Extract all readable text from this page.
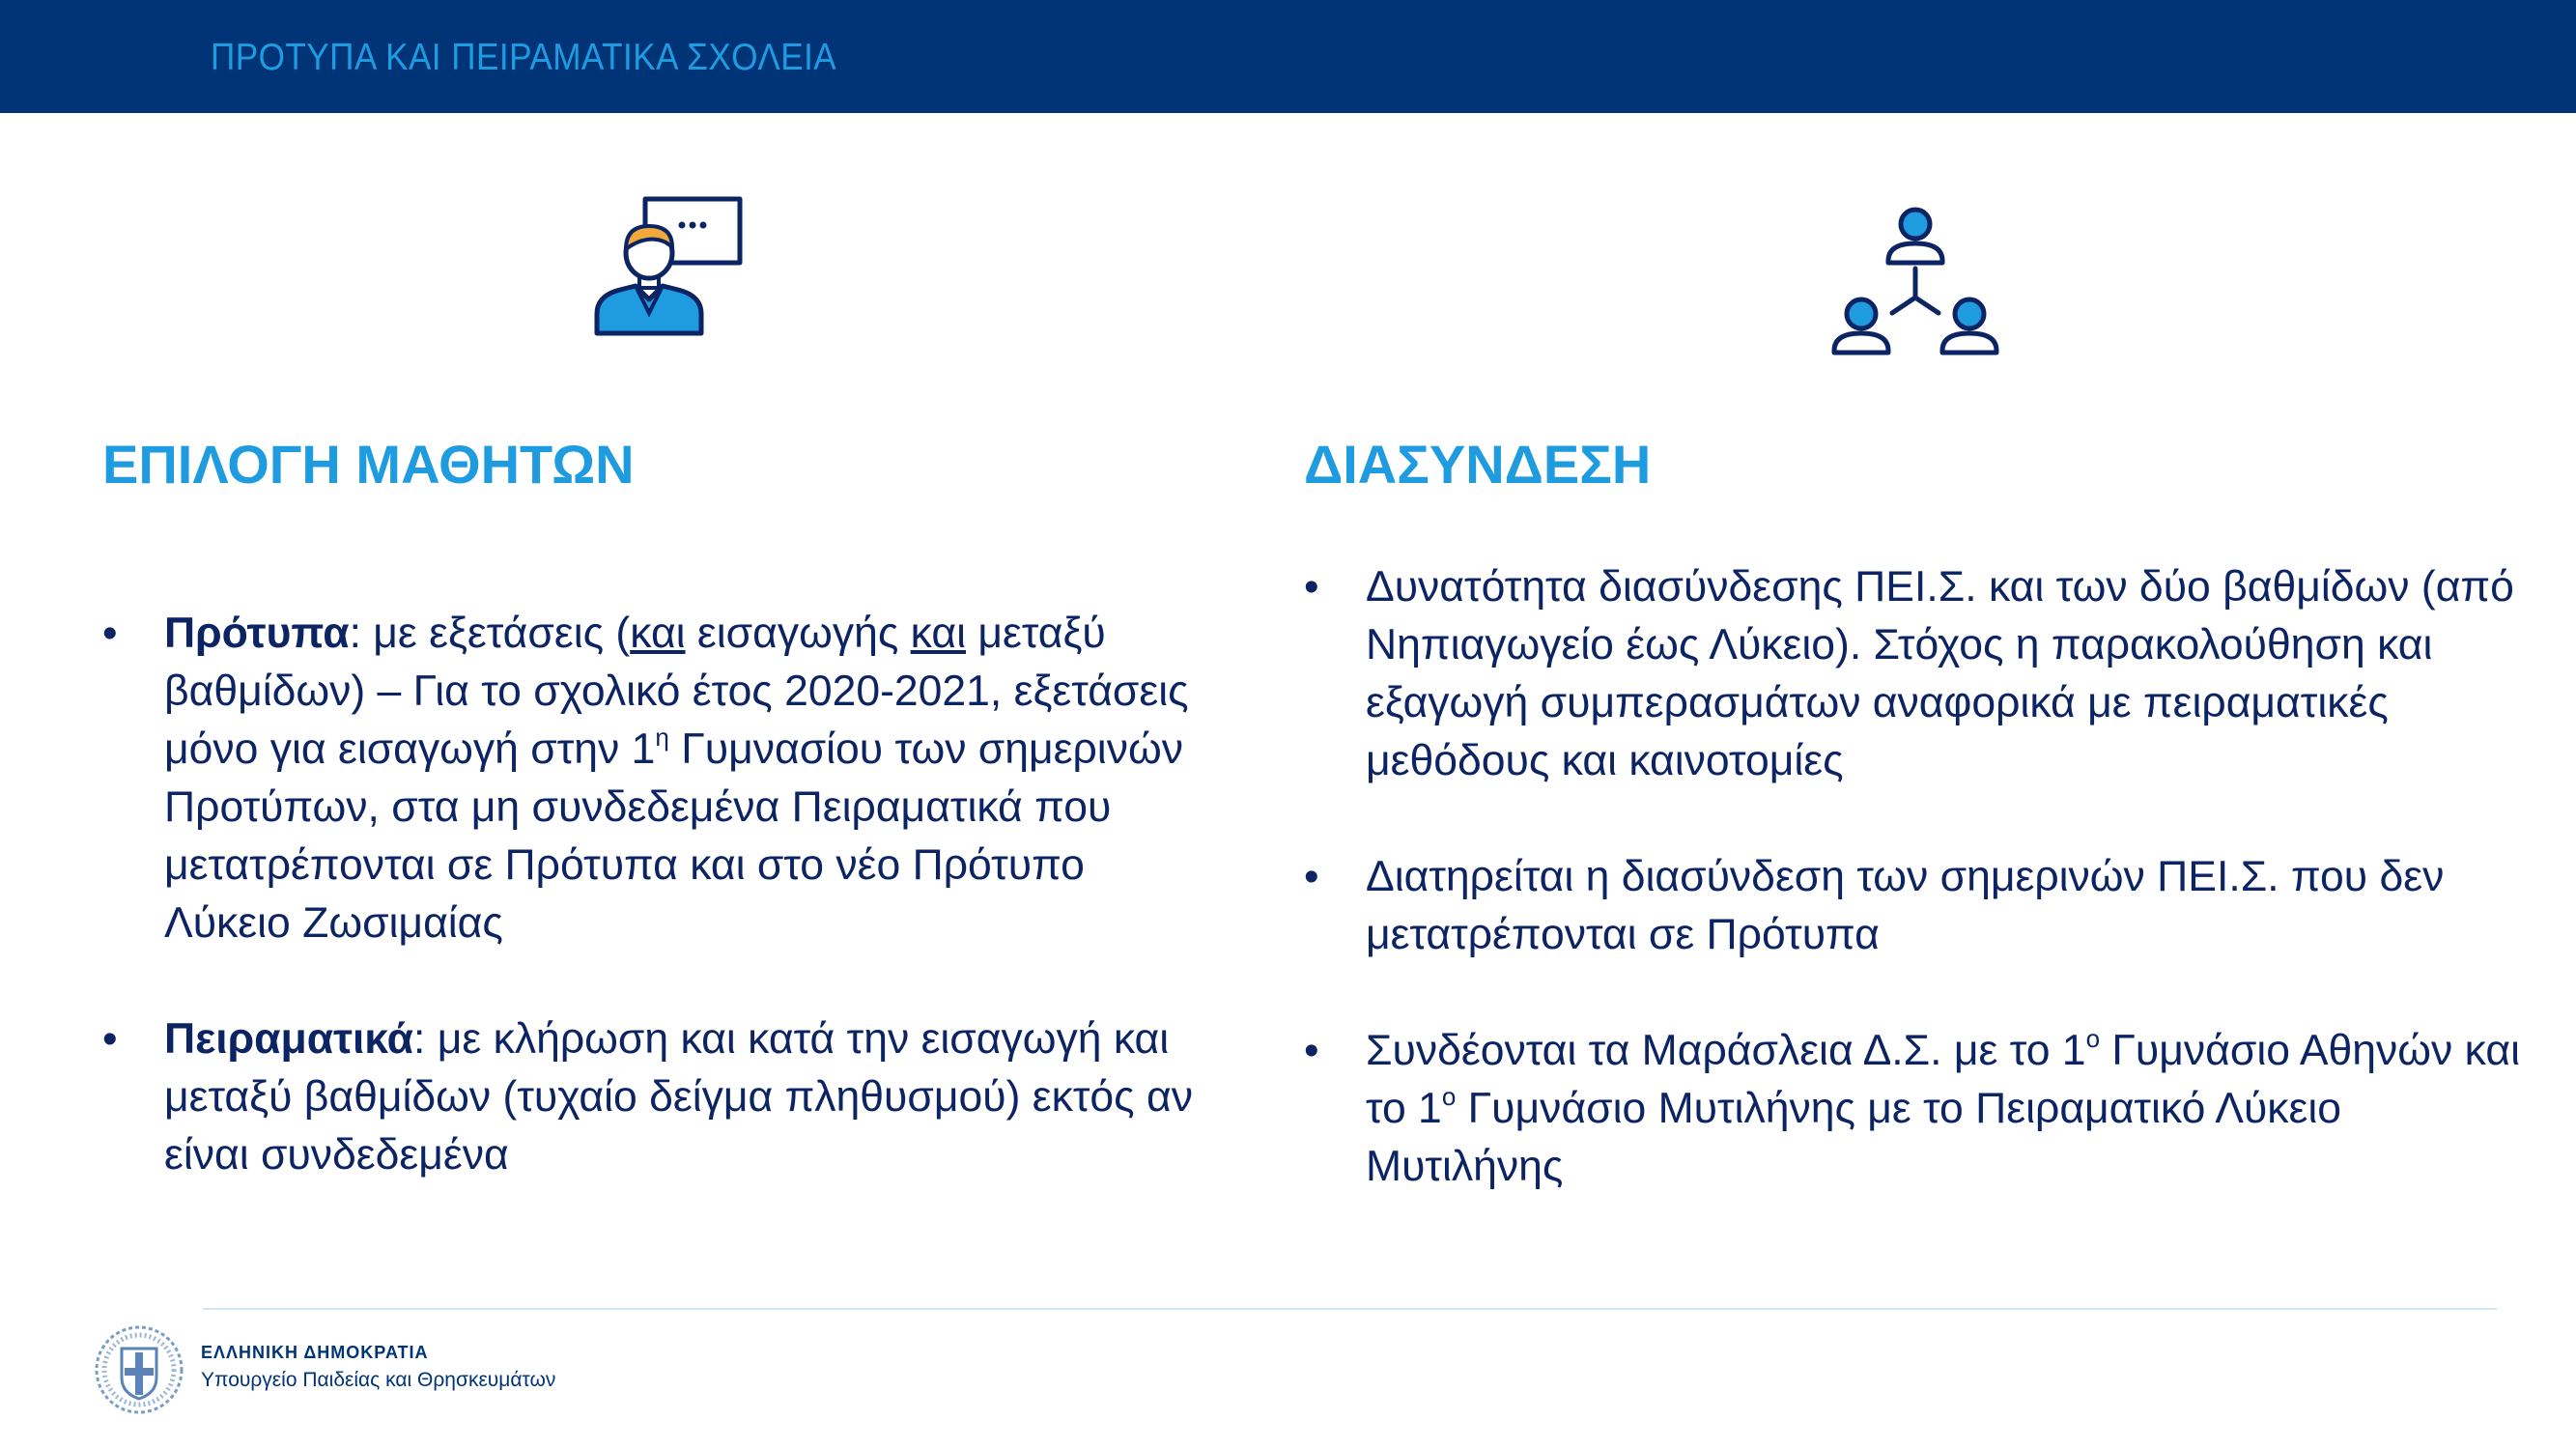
ΠΡΟΤΥΠΑ ΚΑΙ ΠΕΙΡΑΜΑΤΙΚΑ ΣΧΟΛΕΙΑ
ΕΠΙΛΟΓΗ ΜΑΘΗΤΩΝ	ΔΙΑΣΥΝΔΕΣΗ
• Πρότυπα: με εξετάσεις (και εισαγωγής και μεταξύ βαθμίδων) – Για το σχολικό έτος 2020-2021, εξετάσεις μόνο για εισαγωγή στην $1^\eta$ Γυμνασίου των σημερινών Προτύπων, στα μη συνδεδεμένα Πειραματικά που μετατρέπονται σε Πρότυπα και στο νέο Πρότυπο Λύκειο Ζωσιμαίας
• Πειραματικά: με κλήρωση και κατά την εισαγωγή και μεταξύ βαθμίδων (τυχαίο δείγμα πληθυσμού) εκτός αν είναι συνδεδεμένα
• Δυνατότητα διασύνδεσης ΠΕΙ.Σ. και των δύο βαθμίδων (από Νηπιαγωγείο έως Λύκειο). Στόχος η παρακολούθηση και εξαγωγή συμπερασμάτων αναφορικά με πειραματικές μεθόδους και καινοτομίες
• Διατηρείται η διασύνδεση των σημερινών ΠΕΙ.Σ. που δεν μετατρέπονται σε Πρότυπα
• Συνδέονται τα Μαράσλεια Δ.Σ. με το $1^o$ Γυμνάσιο Αθηνών και το $1^o$ Γυμνάσιο Μυτιλήνης με το Πειραματικό Λύκειο Μυτιλήνης
ΕΛΛΗΝΙΚΗ ΔΗΜΟΚΡΑΤΙΑ
Υπουργείο Παιδείας και Θρησκευμάτων
